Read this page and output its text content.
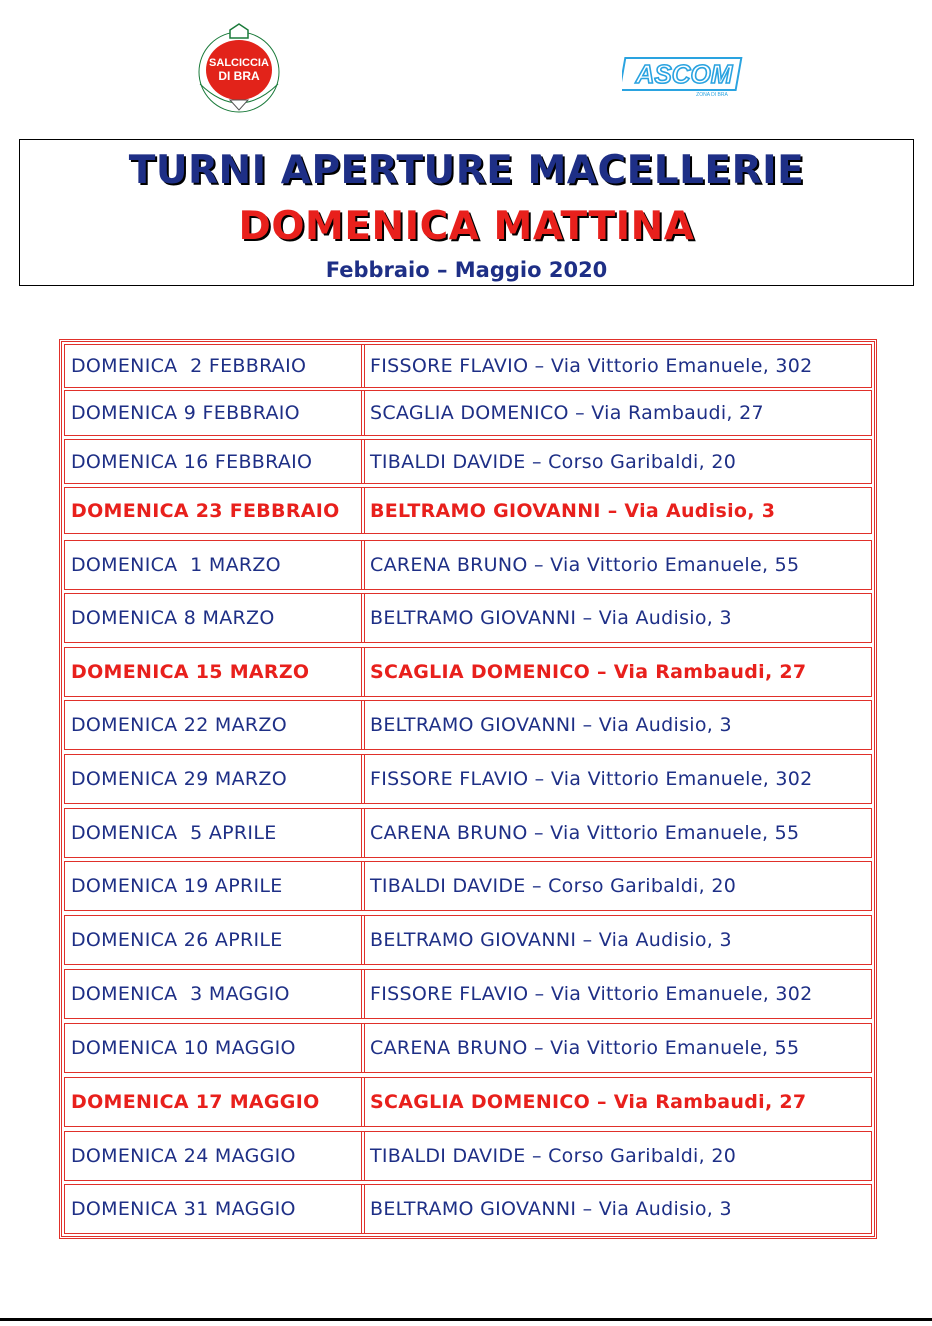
SALCICCIA
DI BRA	ASCOM
ZONA DI BRA
TURNI APERTURE MACELLERIE
DOMENICA MATTINA
Febbraio – Maggio 2020
DOMENICA  2 FEBBRAIO	FISSORE FLAVIO – Via Vittorio Emanuele, 302
DOMENICA 9 FEBBRAIO	SCAGLIA DOMENICO – Via Rambaudi, 27
DOMENICA 16 FEBBRAIO	TIBALDI DAVIDE – Corso Garibaldi, 20
DOMENICA 23 FEBBRAIO	BELTRAMO GIOVANNI – Via Audisio, 3
DOMENICA  1 MARZO	CARENA BRUNO – Via Vittorio Emanuele, 55
DOMENICA 8 MARZO	BELTRAMO GIOVANNI – Via Audisio, 3
DOMENICA 15 MARZO	SCAGLIA DOMENICO – Via Rambaudi, 27
DOMENICA 22 MARZO	BELTRAMO GIOVANNI – Via Audisio, 3
DOMENICA 29 MARZO	FISSORE FLAVIO – Via Vittorio Emanuele, 302
DOMENICA  5 APRILE	CARENA BRUNO – Via Vittorio Emanuele, 55
DOMENICA 19 APRILE	TIBALDI DAVIDE – Corso Garibaldi, 20
DOMENICA 26 APRILE	BELTRAMO GIOVANNI – Via Audisio, 3
DOMENICA  3 MAGGIO	FISSORE FLAVIO – Via Vittorio Emanuele, 302
DOMENICA 10 MAGGIO	CARENA BRUNO – Via Vittorio Emanuele, 55
DOMENICA 17 MAGGIO	SCAGLIA DOMENICO – Via Rambaudi, 27
DOMENICA 24 MAGGIO	TIBALDI DAVIDE – Corso Garibaldi, 20
DOMENICA 31 MAGGIO	BELTRAMO GIOVANNI – Via Audisio, 3
